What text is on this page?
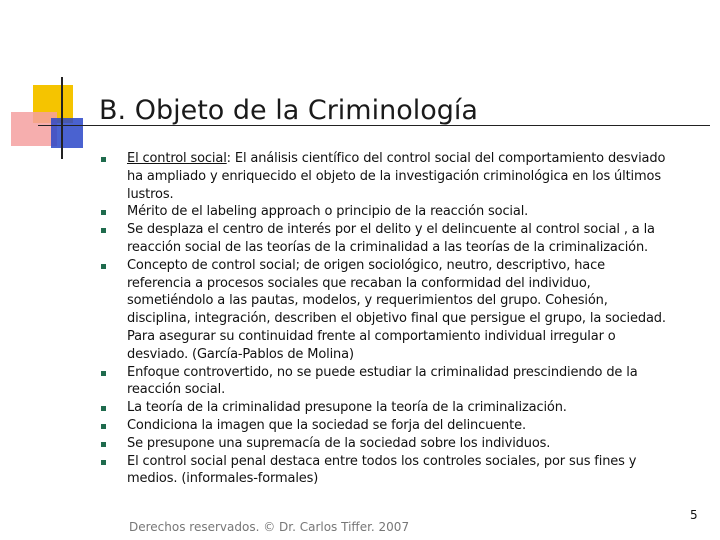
B. Objeto de la Criminología
El control social: El análisis científico del control social del comportamiento desviado ha ampliado y enriquecido el objeto de la investigación criminológica en los últimos lustros.
Mérito de el labeling approach o principio de la reacción social.
Se desplaza el centro de interés por el delito y el delincuente al control social , a la reacción social de las teorías de la criminalidad a las teorías de la criminalización.
Concepto de control social; de origen sociológico, neutro, descriptivo, hace referencia a procesos sociales que recaban la conformidad del individuo, sometiéndolo a las pautas, modelos, y requerimientos del grupo. Cohesión, disciplina, integración, describen el objetivo final que persigue el grupo, la sociedad. Para asegurar su continuidad frente al comportamiento individual irregular o desviado. (García-Pablos de Molina)
Enfoque controvertido, no se puede estudiar la criminalidad prescindiendo de la reacción social.
La teoría de la criminalidad presupone la teoría de la criminalización.
Condiciona la imagen que la sociedad se forja del delincuente.
Se presupone una supremacía de la sociedad sobre los individuos.
El control social penal destaca entre todos los controles sociales, por sus fines y medios. (informales-formales)
Derechos reservados. © Dr. Carlos Tiffer. 2007
5
